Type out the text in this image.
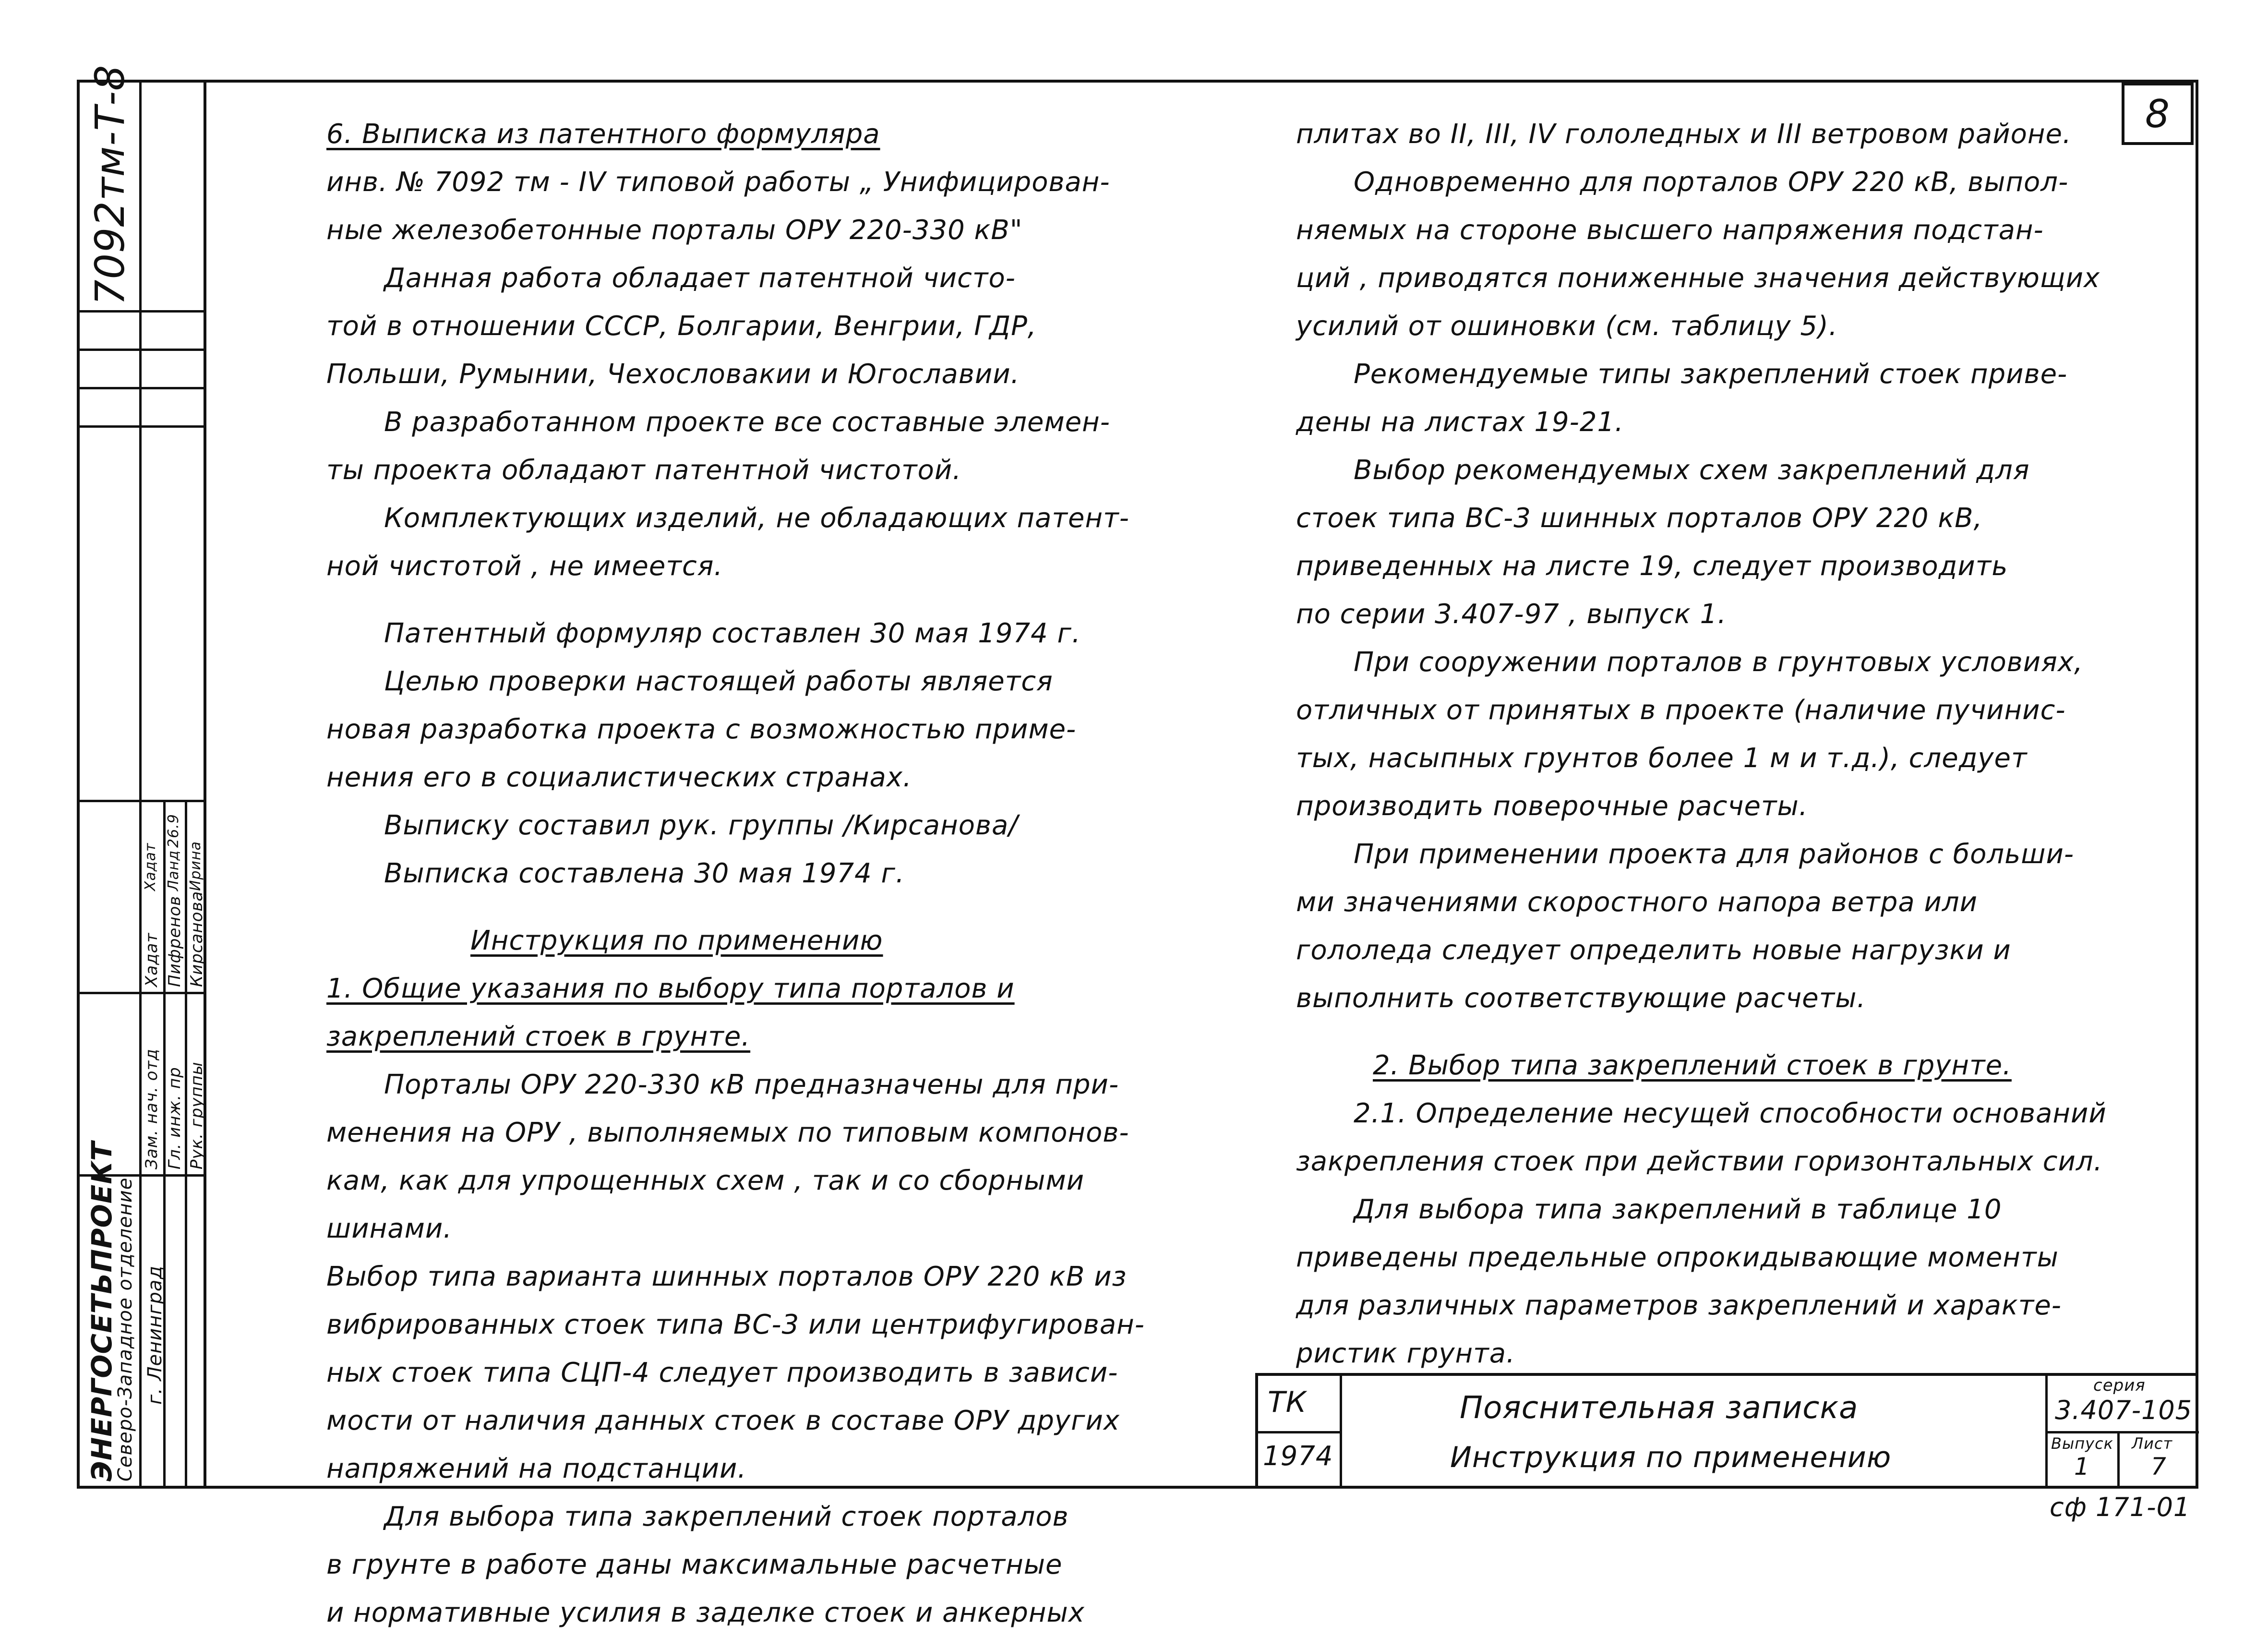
7092тм-Т-8
ЭНЕРГОСЕТЬПРОЕКТ
Северо-Западное отделение г. Ленинград
Зам. нач. отд Гл. инж. пр Рук. группы
Хадат Пифренов Кирсанова
Хадат Ланд Ирина
26.9
8

6. Выписка из патентного формуляра

инв. № 7092 тм - IV типовой работы „ Унифицирован-

ные железобетонные порталы ОРУ 220-330 кВ"

Данная работа обладает патентной чисто-

той в отношении СССР, Болгарии, Венгрии, ГДР,

Польши, Румынии, Чехословакии и Югославии.

В разработанном проекте все составные элемен-

ты проекта обладают патентной чистотой.

Комплектующих изделий, не обладающих патент-

ной чистотой , не имеется.

Патентный формуляр составлен 30 мая 1974 г.

Целью проверки настоящей работы является

новая разработка проекта с возможностью приме-

нения его в социалистических странах.

Выписку составил рук. группы /Кирсанова/

Выписка составлена 30 мая 1974 г.

Инструкция по применению

1. Общие указания по выбору типа порталов и

закреплений стоек в грунте.

Порталы ОРУ 220-330 кВ предназначены для при-

менения на ОРУ , выполняемых по типовым компонов-

кам, как для упрощенных схем , так и со сборными

шинами.

Выбор типа варианта шинных порталов ОРУ 220 кВ из

вибрированных стоек типа ВС-3 или центрифугирован-

ных стоек типа СЦП-4 следует производить в зависи-

мости от наличия данных стоек в составе ОРУ других

напряжений на подстанции.

Для выбора типа закреплений стоек порталов

в грунте в работе даны максимальные расчетные

и нормативные усилия в заделке стоек и анкерных

плитах во II, III, IV гололедных и III ветровом районе.

Одновременно для порталов ОРУ 220 кВ, выпол-

няемых на стороне высшего напряжения подстан-

ций , приводятся пониженные значения действующих

усилий от ошиновки (см. таблицу 5).

Рекомендуемые типы закреплений стоек приве-

дены на листах 19-21.

Выбор рекомендуемых схем закреплений для

стоек типа ВС-3 шинных порталов ОРУ 220 кВ,

приведенных на листе 19, следует производить

по серии 3.407-97 , выпуск 1.

При сооружении порталов в грунтовых условиях,

отличных от принятых в проекте (наличие пучинис-

тых, насыпных грунтов более 1 м и т.д.), следует

производить поверочные расчеты.

При применении проекта для районов с больши-

ми значениями скоростного напора ветра или

гололеда следует определить новые нагрузки и

выполнить соответствующие расчеты.

2. Выбор типа закреплений стоек в грунте.

2.1. Определение несущей способности оснований

закрепления стоек при действии горизонтальных сил.

Для выбора типа закреплений в таблице 10

приведены предельные опрокидывающие моменты

для различных параметров закреплений и характе-

ристик грунта.

ТК
1974
Пояснительная записка
Инструкция по применению
серия
3.407-105
Выпуск
1
Лист
7
сф 171-01
